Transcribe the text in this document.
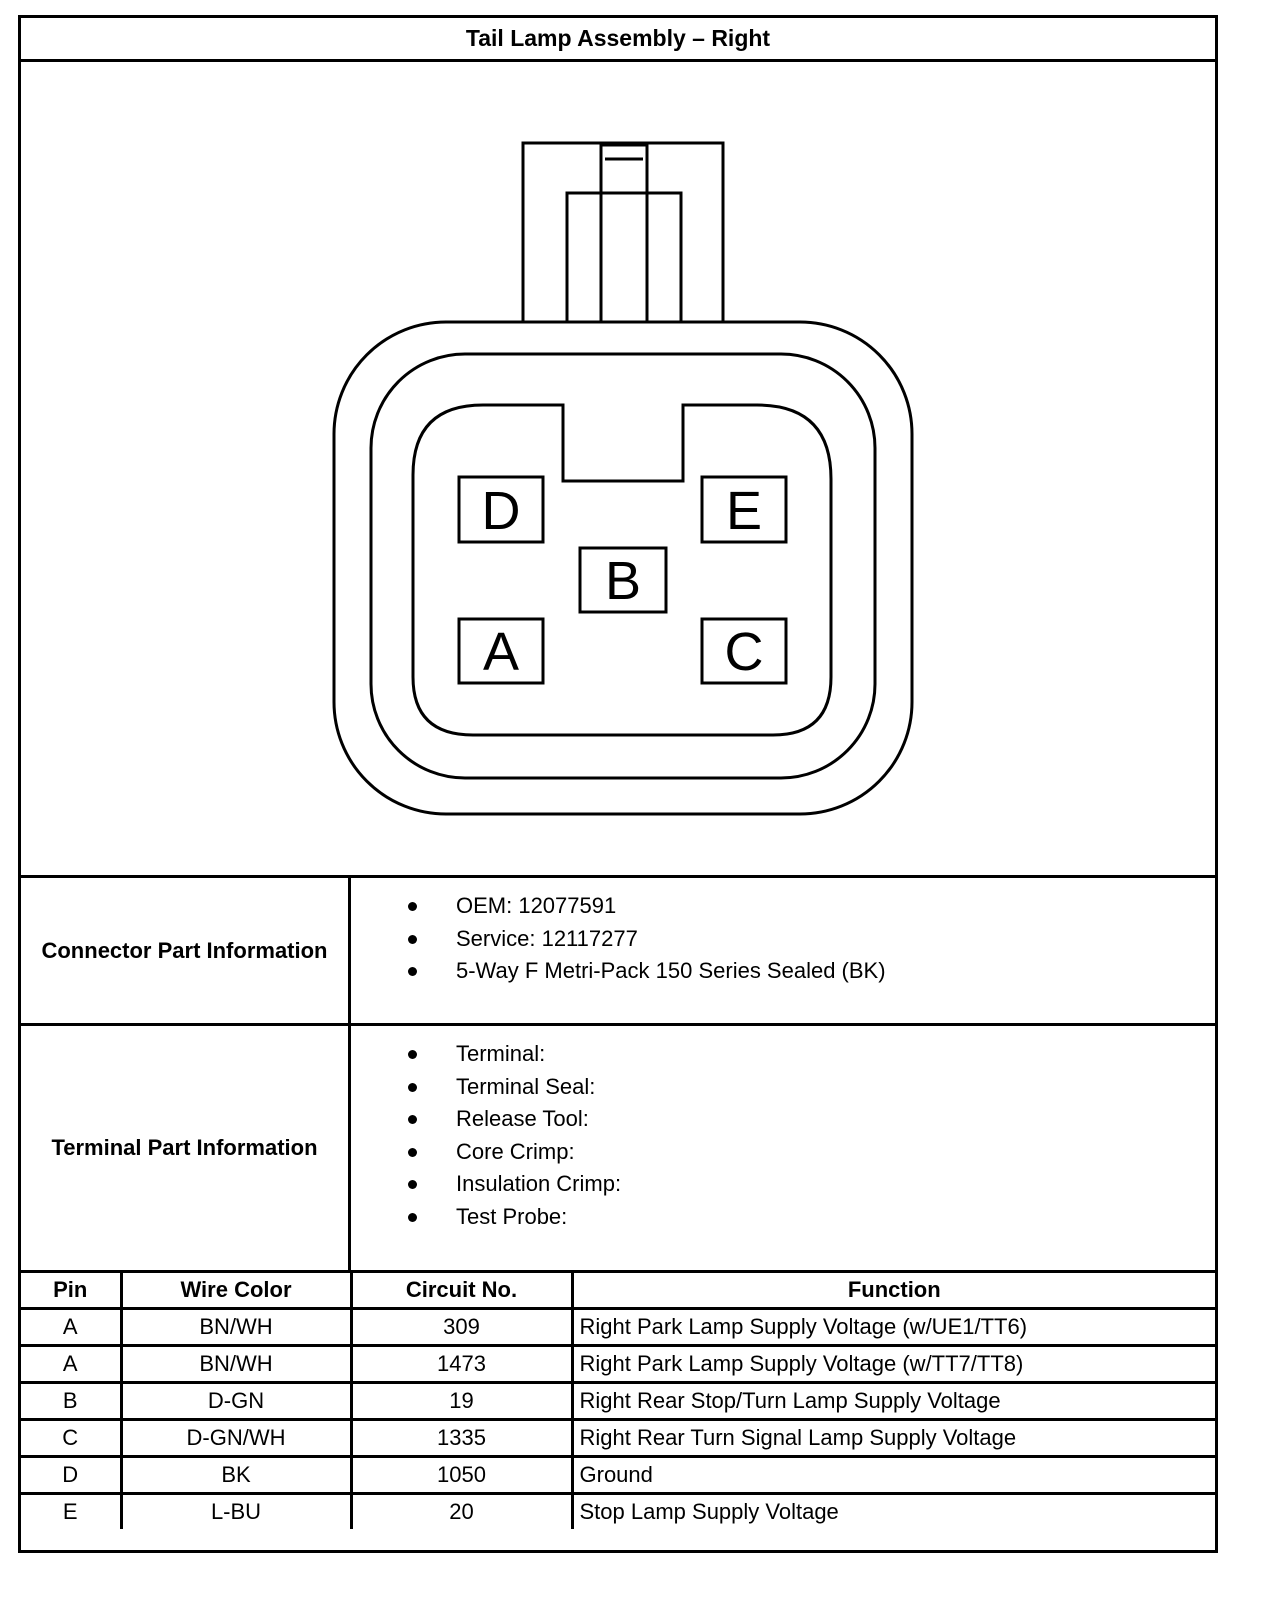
Tail Lamp Assembly – Right
D	E
B
A	C
Connector Part Information
OEM: 12077591
Service: 12117277
5-Way F Metri-Pack 150 Series Sealed (BK)
Terminal Part Information
Terminal:
Terminal Seal:
Release Tool:
Core Crimp:
Insulation Crimp:
Test Probe:
Pin	Wire Color	Circuit No.	Function
A	BN/WH	309	Right Park Lamp Supply Voltage (w/UE1/TT6)
A	BN/WH	1473	Right Park Lamp Supply Voltage (w/TT7/TT8)
B	D-GN	19	Right Rear Stop/Turn Lamp Supply Voltage
C	D-GN/WH	1335	Right Rear Turn Signal Lamp Supply Voltage
D	BK	1050	Ground
E	L-BU	20	Stop Lamp Supply Voltage
